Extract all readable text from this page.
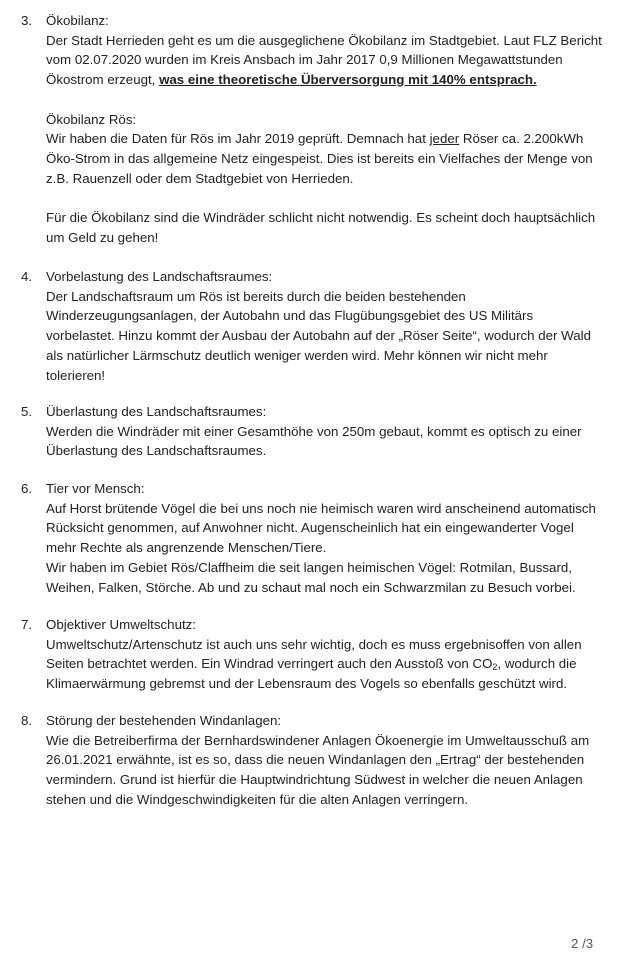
3.	Ökobilanz:
Der Stadt Herrieden geht es um die ausgeglichene Ökobilanz im Stadtgebiet. Laut FLZ Bericht
vom 02.07.2020 wurden im Kreis Ansbach im Jahr 2017 0,9 Millionen Megawattstunden
Ökostrom erzeugt, was eine theoretische Überversorgung mit 140% entsprach.
Ökobilanz Rös:
Wir haben die Daten für Rös im Jahr 2019 geprüft. Demnach hat jeder Röser ca. 2.200kWh
Öko-Strom in das allgemeine Netz eingespeist. Dies ist bereits ein Vielfaches der Menge von
z.B. Rauenzell oder dem Stadtgebiet von Herrieden.
Für die Ökobilanz sind die Windräder schlicht nicht notwendig. Es scheint doch hauptsächlich
um Geld zu gehen!
4.	Vorbelastung des Landschaftsraumes:
Der Landschaftsraum um Rös ist bereits durch die beiden bestehenden
Winderzeugungsanlagen, der Autobahn und das Flugübungsgebiet des US Militärs
vorbelastet. Hinzu kommt der Ausbau der Autobahn auf der „Röser Seite“, wodurch der Wald
als natürlicher Lärmschutz deutlich weniger werden wird. Mehr können wir nicht mehr
tolerieren!
5.	Überlastung des Landschaftsraumes:
Werden die Windräder mit einer Gesamthöhe von 250m gebaut, kommt es optisch zu einer
Überlastung des Landschaftsraumes.
6.	Tier vor Mensch:
Auf Horst brütende Vögel die bei uns noch nie heimisch waren wird anscheinend automatisch
Rücksicht genommen, auf Anwohner nicht. Augenscheinlich hat ein eingewanderter Vogel
mehr Rechte als angrenzende Menschen/Tiere.
Wir haben im Gebiet Rös/Claffheim die seit langen heimischen Vögel: Rotmilan, Bussard,
Weihen, Falken, Störche. Ab und zu schaut mal noch ein Schwarzmilan zu Besuch vorbei.
7.	Objektiver Umweltschutz:
Umweltschutz/Artenschutz ist auch uns sehr wichtig, doch es muss ergebnisoffen von allen
Seiten betrachtet werden. Ein Windrad verringert auch den Ausstoß von $CO_2$, wodurch die
Klimaerwärmung gebremst und der Lebensraum des Vogels so ebenfalls geschützt wird.
8.	Störung der bestehenden Windanlagen:
Wie die Betreiberfirma der Bernhardswindener Anlagen Ökoenergie im Umweltausschuß am
26.01.2021 erwähnte, ist es so, dass die neuen Windanlagen den „Ertrag“ der bestehenden
vermindern. Grund ist hierfür die Hauptwindrichtung Südwest in welcher die neuen Anlagen
stehen und die Windgeschwindigkeiten für die alten Anlagen verringern.
2 /3
